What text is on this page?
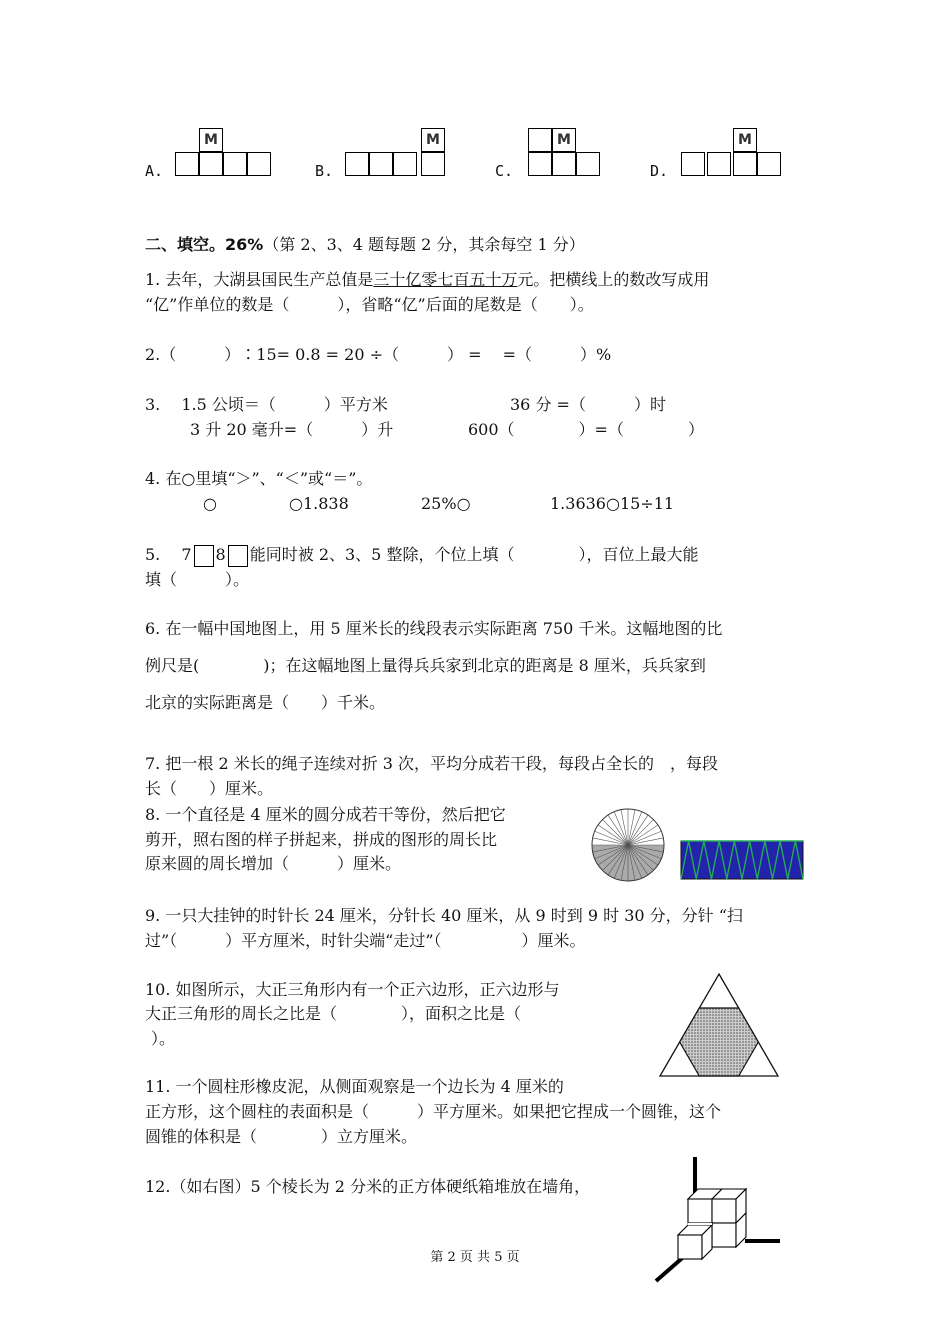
A.
M
B.
M
C.
M
D.
M
二、填空。26%（第 2、3、4 题每题 2 分，其余每空 1 分）
1. 去年，大湖县国民生产总值是三十亿零七百五十万元。把横线上的数改写成用
“亿”作单位的数是（　　　），省略“亿”后面的尾数是（　　）。
2.（　　　）∶15= 0.8 = 20 ÷（　　　） =　 =（　　　）%
3.　 1.5 公顷＝（　　　）平方米	36 分 =（　　　）时
3 升 20 毫升=（　　　）升	600（　　　　）=（　　　　）
4. 在○里填“＞”、“＜”或“＝”。
○	○1.838	25%○	1.3636○15÷11
5.　 7 8 能同时被 2、3、5 整除，个位上填（　　　　），百位上最大能
填（　　　）。
6. 在一幅中国地图上，用 5 厘米长的线段表示实际距离 750 千米。这幅地图的比
例尺是(　　　　)；在这幅地图上量得兵兵家到北京的距离是 8 厘米，兵兵家到
北京的实际距离是（　　）千米。
7. 把一根 2 米长的绳子连续对折 3 次，平均分成若干段，每段占全长的　，每段
长（　　）厘米。
8. 一个直径是 4 厘米的圆分成若干等份，然后把它
剪开，照右图的样子拼起来，拼成的图形的周长比
原来圆的周长增加（　　　）厘米。
9. 一只大挂钟的时针长 24 厘米，分针长 40 厘米，从 9 时到 9 时 30 分，分针 “扫
过”（　　　）平方厘米，时针尖端“走过”（　　　　　）厘米。
10. 如图所示，大正三角形内有一个正六边形，正六边形与
大正三角形的周长之比是（　　　　），面积之比是（
）。
11. 一个圆柱形橡皮泥，从侧面观察是一个边长为 4 厘米的
正方形，这个圆柱的表面积是（　　　）平方厘米。如果把它捏成一个圆锥，这个
圆锥的体积是（　　　　）立方厘米。
12.（如右图）5 个棱长为 2 分米的正方体硬纸箱堆放在墙角，
第 2 页 共 5 页
